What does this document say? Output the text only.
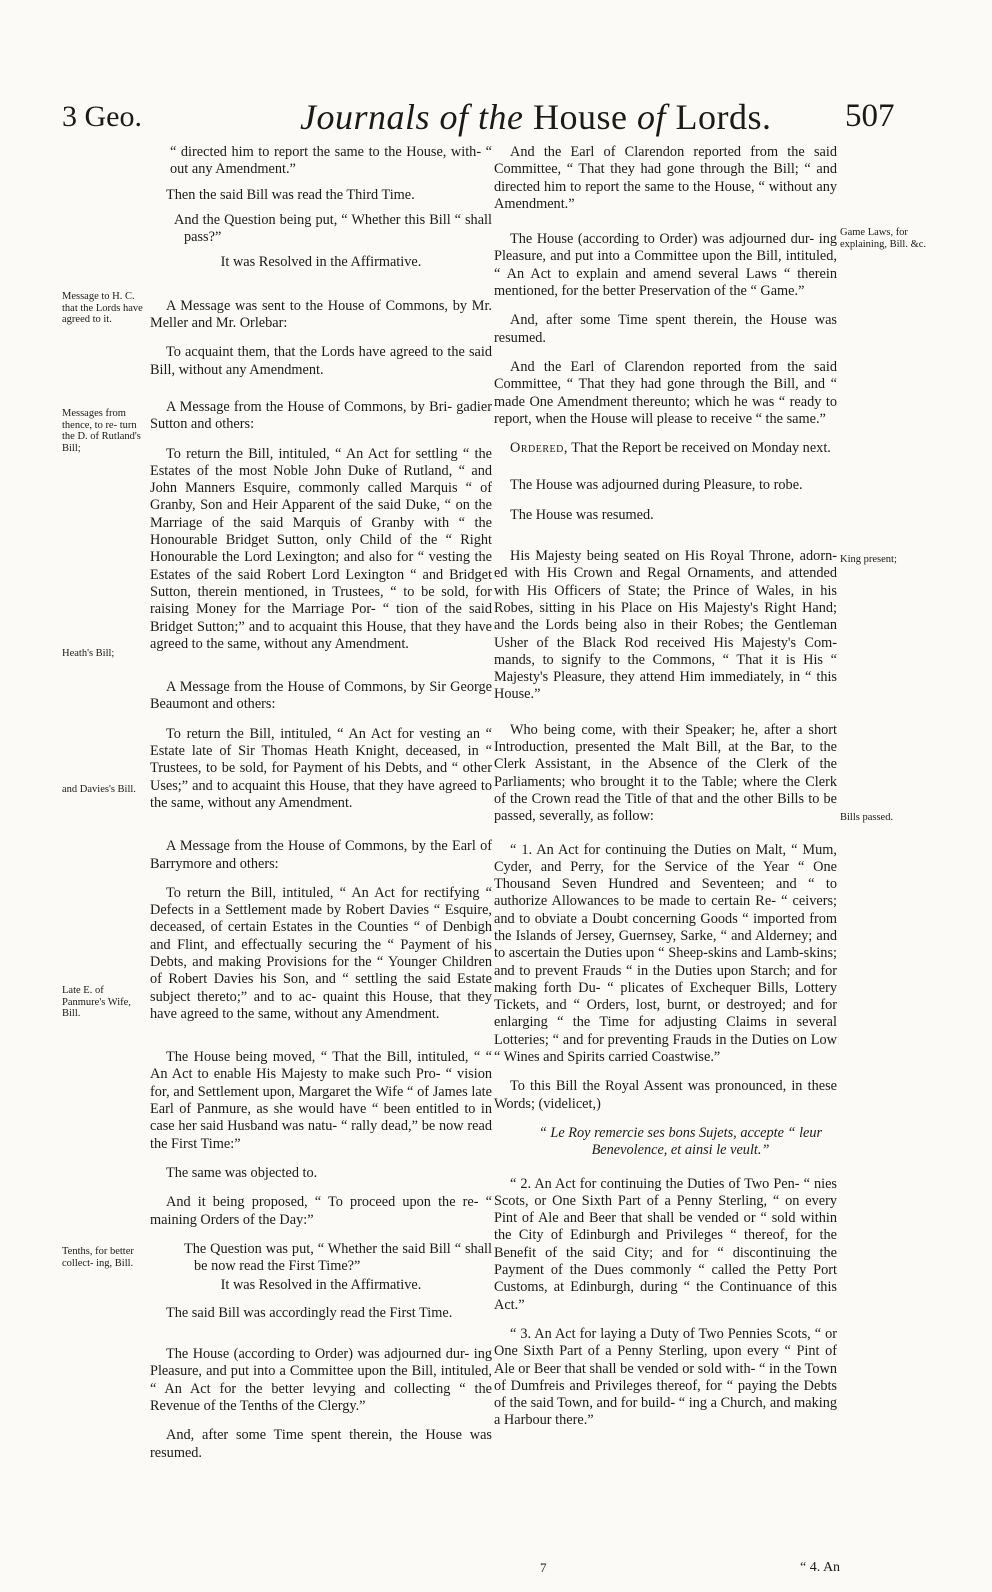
3 Geo.	Journals of the House of Lords. 507
Message to H. C. that the Lords have agreed to it.
Messages from thence, to re- turn the D. of Rutland's Bill;
Heath's Bill;
and Davies's Bill.
Late E. of Panmure's Wife, Bill.
Tenths, for better collect- ing, Bill.
Game Laws, for explaining, Bill. &c.
King present;
Bills passed.

“ directed him to report the same to the House, with- “ out any Amendment.”

Then the said Bill was read the Third Time.

And the Question being put, “ Whether this Bill “ shall pass?”

It was Resolved in the Affirmative.

A Message was sent to the House of Commons, by Mr. Meller and Mr. Orlebar:

To acquaint them, that the Lords have agreed to the said Bill, without any Amendment.

A Message from the House of Commons, by Bri- gadier Sutton and others:

To return the Bill, intituled, “ An Act for settling “ the Estates of the most Noble John Duke of Rutland, “ and John Manners Esquire, commonly called Marquis “ of Granby, Son and Heir Apparent of the said Duke, “ on the Marriage of the said Marquis of Granby with “ the Honourable Bridget Sutton, only Child of the “ Right Honourable the Lord Lexington; and also for “ vesting the Estates of the said Robert Lord Lexington “ and Bridget Sutton, therein mentioned, in Trustees, “ to be sold, for raising Money for the Marriage Por- “ tion of the said Bridget Sutton;” and to acquaint this House, that they have agreed to the same, without any Amendment.

A Message from the House of Commons, by Sir George Beaumont and others:

To return the Bill, intituled, “ An Act for vesting an “ Estate late of Sir Thomas Heath Knight, deceased, in “ Trustees, to be sold, for Payment of his Debts, and “ other Uses;” and to acquaint this House, that they have agreed to the same, without any Amendment.

A Message from the House of Commons, by the Earl of Barrymore and others:

To return the Bill, intituled, “ An Act for rectifying “ Defects in a Settlement made by Robert Davies “ Esquire, deceased, of certain Estates in the Counties “ of Denbigh and Flint, and effectually securing the “ Payment of his Debts, and making Provisions for the “ Younger Children of Robert Davies his Son, and “ settling the said Estate subject thereto;” and to ac- quaint this House, that they have agreed to the same, without any Amendment.

The House being moved, “ That the Bill, intituled, “ “ An Act to enable His Majesty to make such Pro- “ vision for, and Settlement upon, Margaret the Wife “ of James late Earl of Panmure, as she would have “ been entitled to in case her said Husband was natu- “ rally dead,” be now read the First Time:”

The same was objected to.

And it being proposed, “ To proceed upon the re- “ maining Orders of the Day:”

The Question was put, “ Whether the said Bill “ shall be now read the First Time?”

It was Resolved in the Affirmative.

The said Bill was accordingly read the First Time.

The House (according to Order) was adjourned dur- ing Pleasure, and put into a Committee upon the Bill, intituled, “ An Act for the better levying and collecting “ the Revenue of the Tenths of the Clergy.”

And, after some Time spent therein, the House was resumed.

And the Earl of Clarendon reported from the said Committee, “ That they had gone through the Bill; “ and directed him to report the same to the House, “ without any Amendment.”

The House (according to Order) was adjourned dur- ing Pleasure, and put into a Committee upon the Bill, intituled, “ An Act to explain and amend several Laws “ therein mentioned, for the better Preservation of the “ Game.”

And, after some Time spent therein, the House was resumed.

And the Earl of Clarendon reported from the said Committee, “ That they had gone through the Bill, and “ made One Amendment thereunto; which he was “ ready to report, when the House will please to receive “ the same.”

Ordered, That the Report be received on Monday next.

The House was adjourned during Pleasure, to robe.

The House was resumed.

His Majesty being seated on His Royal Throne, adorn- ed with His Crown and Regal Ornaments, and attended with His Officers of State; the Prince of Wales, in his Robes, sitting in his Place on His Majesty's Right Hand; and the Lords being also in their Robes; the Gentleman Usher of the Black Rod received His Majesty's Com- mands, to signify to the Commons, “ That it is His “ Majesty's Pleasure, they attend Him immediately, in “ this House.”

Who being come, with their Speaker; he, after a short Introduction, presented the Malt Bill, at the Bar, to the Clerk Assistant, in the Absence of the Clerk of the Parliaments; who brought it to the Table; where the Clerk of the Crown read the Title of that and the other Bills to be passed, severally, as follow:

“ 1. An Act for continuing the Duties on Malt, “ Mum, Cyder, and Perry, for the Service of the Year “ One Thousand Seven Hundred and Seventeen; and “ to authorize Allowances to be made to certain Re- “ ceivers; and to obviate a Doubt concerning Goods “ imported from the Islands of Jersey, Guernsey, Sarke, “ and Alderney; and to ascertain the Duties upon “ Sheep-skins and Lamb-skins; and to prevent Frauds “ in the Duties upon Starch; and for making forth Du- “ plicates of Exchequer Bills, Lottery Tickets, and “ Orders, lost, burnt, or destroyed; and for enlarging “ the Time for adjusting Claims in several Lotteries; “ and for preventing Frauds in the Duties on Low “ Wines and Spirits carried Coastwise.”

To this Bill the Royal Assent was pronounced, in these Words; (videlicet,)

“ Le Roy remercie ses bons Sujets, accepte “ leur Benevolence, et ainsi le veult.”

“ 2. An Act for continuing the Duties of Two Pen- “ nies Scots, or One Sixth Part of a Penny Sterling, “ on every Pint of Ale and Beer that shall be vended or “ sold within the City of Edinburgh and Privileges “ thereof, for the Benefit of the said City; and for “ discontinuing the Payment of the Dues commonly “ called the Petty Port Customs, at Edinburgh, during “ the Continuance of this Act.”

“ 3. An Act for laying a Duty of Two Pennies Scots, “ or One Sixth Part of a Penny Sterling, upon every “ Pint of Ale or Beer that shall be vended or sold with- “ in the Town of Dumfreis and Privileges thereof, for “ paying the Debts of the said Town, and for build- “ ing a Church, and making a Harbour there.”

7	“ 4. An
